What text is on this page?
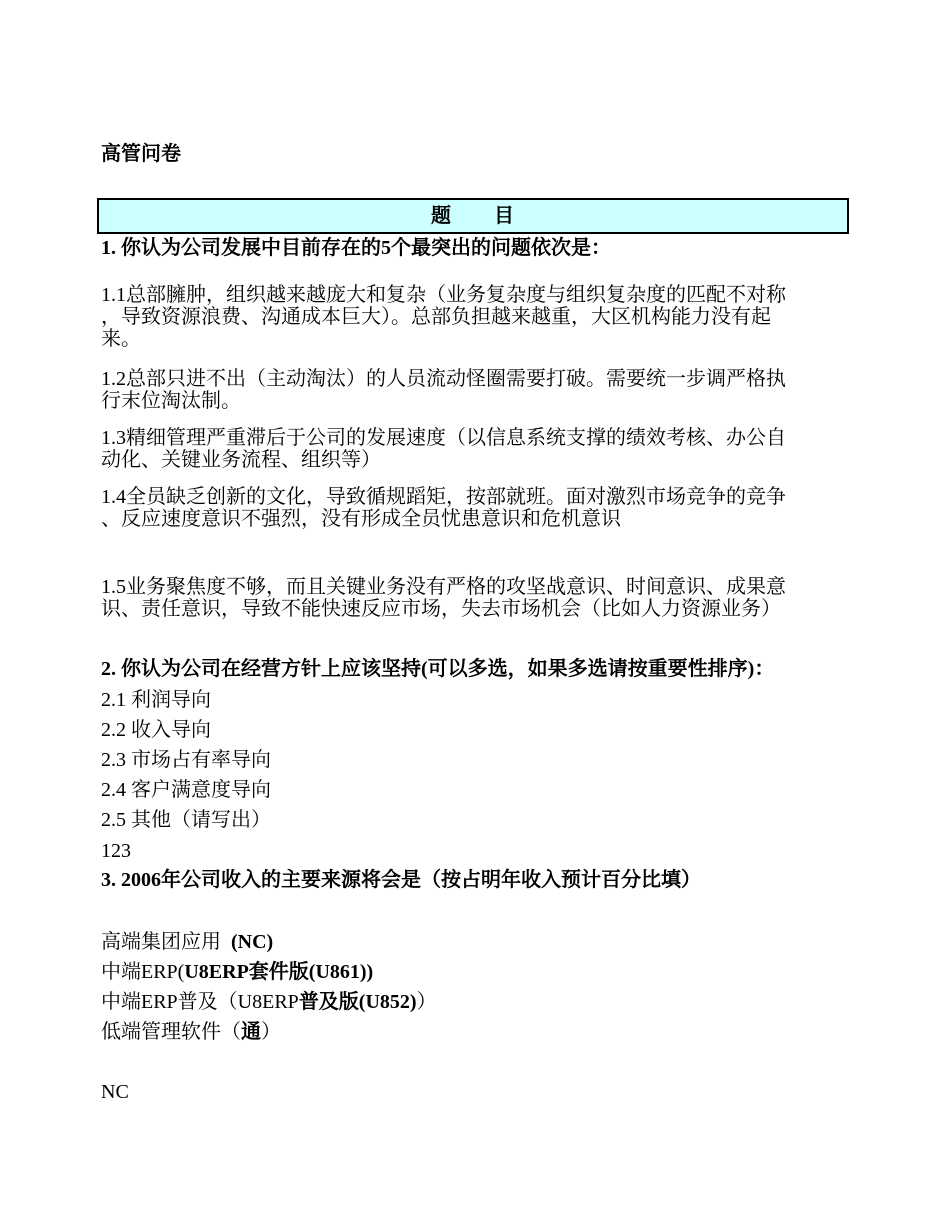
高管问卷
题　　目
1. 你认为公司发展中目前存在的5个最突出的问题依次是：
1.1总部臃肿，组织越来越庞大和复杂（业务复杂度与组织复杂度的匹配不对称
，导致资源浪费、沟通成本巨大）。总部负担越来越重，大区机构能力没有起
来。
1.2总部只进不出（主动淘汰）的人员流动怪圈需要打破。需要统一步调严格执
行末位淘汰制。
1.3精细管理严重滞后于公司的发展速度（以信息系统支撑的绩效考核、办公自
动化、关键业务流程、组织等）
1.4全员缺乏创新的文化，导致循规蹈矩，按部就班。面对激烈市场竞争的竞争
、反应速度意识不强烈，没有形成全员忧患意识和危机意识
1.5业务聚焦度不够，而且关键业务没有严格的攻坚战意识、时间意识、成果意
识、责任意识，导致不能快速反应市场，失去市场机会（比如人力资源业务）
2. 你认为公司在经营方针上应该坚持(可以多选，如果多选请按重要性排序)：
2.1 利润导向
2.2 收入导向
2.3 市场占有率导向
2.4 客户满意度导向
2.5 其他（请写出）
123
3. 2006年公司收入的主要来源将会是（按占明年收入预计百分比填）
高端集团应用  (NC)
中端ERP(U8ERP套件版(U861))
中端ERP普及（U8ERP普及版(U852)）
低端管理软件（通）
NC
